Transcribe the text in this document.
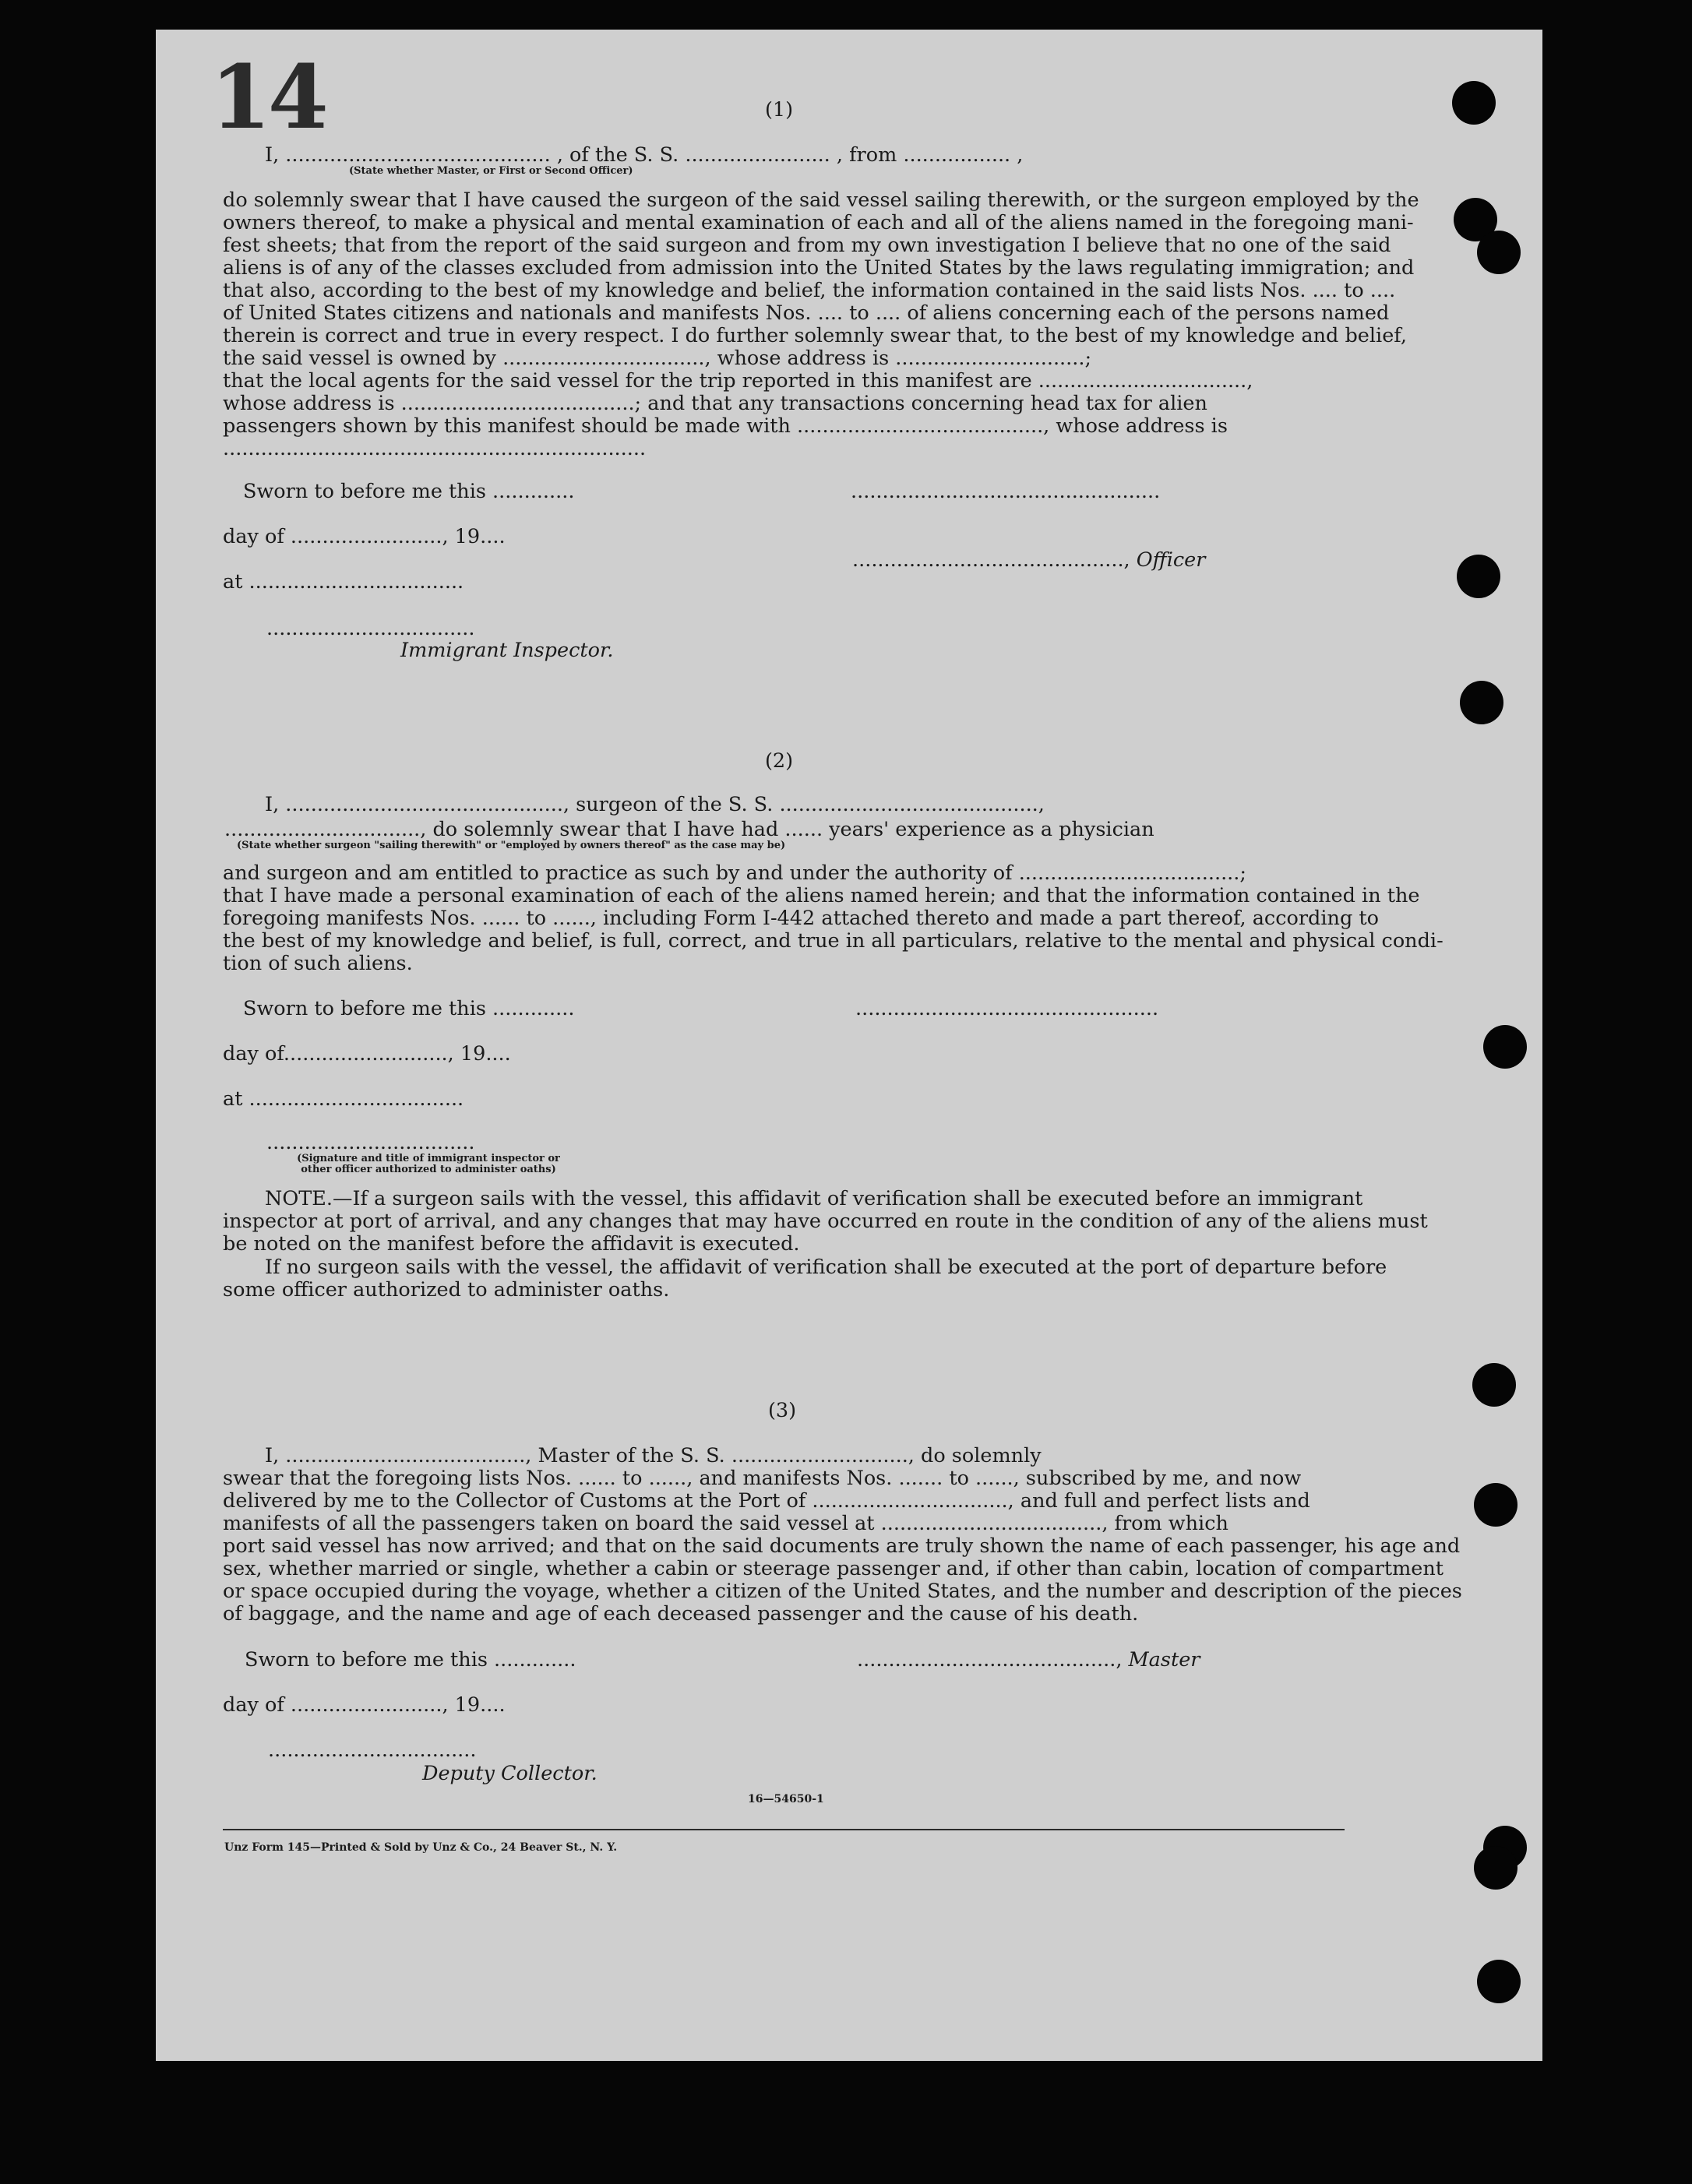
14	(1)
I, .......................................... , of the S. S. ....................... , from ................. ,
(State whether Master, or First or Second Officer)
do solemnly swear that I have caused the surgeon of the said vessel sailing therewith, or the surgeon employed by the
owners thereof, to make a physical and mental examination of each and all of the aliens named in the foregoing mani-
fest sheets; that from the report of the said surgeon and from my own investigation I believe that no one of the said
aliens is of any of the classes excluded from admission into the United States by the laws regulating immigration; and
that also, according to the best of my knowledge and belief, the information contained in the said lists Nos. .... to ....
of United States citizens and nationals and manifests Nos. .... to .... of aliens concerning each of the persons named
therein is correct and true in every respect. I do further solemnly swear that, to the best of my knowledge and belief,
the said vessel is owned by ................................, whose address is ..............................;
that the local agents for the said vessel for the trip reported in this manifest are .................................,
whose address is .....................................; and that any transactions concerning head tax for alien
passengers shown by this manifest should be made with ......................................., whose address is
...................................................................
Sworn to before me this .............	.................................................
day of ........................, 19....
..........................................., Officer
at ..................................
.................................
Immigrant Inspector.
(2)
I, ............................................, surgeon of the S. S. .........................................,
..............................., do solemnly swear that I have had ...... years' experience as a physician
(State whether surgeon "sailing therewith" or "employed by owners thereof" as the case may be)
and surgeon and am entitled to practice as such by and under the authority of ...................................;
that I have made a personal examination of each of the aliens named herein; and that the information contained in the
foregoing manifests Nos. ...... to ......, including Form I-442 attached thereto and made a part thereof, according to
the best of my knowledge and belief, is full, correct, and true in all particulars, relative to the mental and physical condi-
tion of such aliens.
Sworn to before me this .............	................................................
day of.........................., 19....
at ..................................
.................................
(Signature and title of immigrant inspector or
other officer authorized to administer oaths)
NOTE.—If a surgeon sails with the vessel, this affidavit of verification shall be executed before an immigrant
inspector at port of arrival, and any changes that may have occurred en route in the condition of any of the aliens must
be noted on the manifest before the affidavit is executed.
If no surgeon sails with the vessel, the affidavit of verification shall be executed at the port of departure before
some officer authorized to administer oaths.
(3)
I, ......................................, Master of the S. S. ............................, do solemnly
swear that the foregoing lists Nos. ...... to ......, and manifests Nos. ....... to ......, subscribed by me, and now
delivered by me to the Collector of Customs at the Port of ..............................., and full and perfect lists and
manifests of all the passengers taken on board the said vessel at ..................................., from which
port said vessel has now arrived; and that on the said documents are truly shown the name of each passenger, his age and
sex, whether married or single, whether a cabin or steerage passenger and, if other than cabin, location of compartment
or space occupied during the voyage, whether a citizen of the United States, and the number and description of the pieces
of baggage, and the name and age of each deceased passenger and the cause of his death.
Sworn to before me this .............	........................................., Master
day of ........................, 19....
.................................
Deputy Collector.
16—54650-1
Unz Form 145—Printed & Sold by Unz & Co., 24 Beaver St., N. Y.
